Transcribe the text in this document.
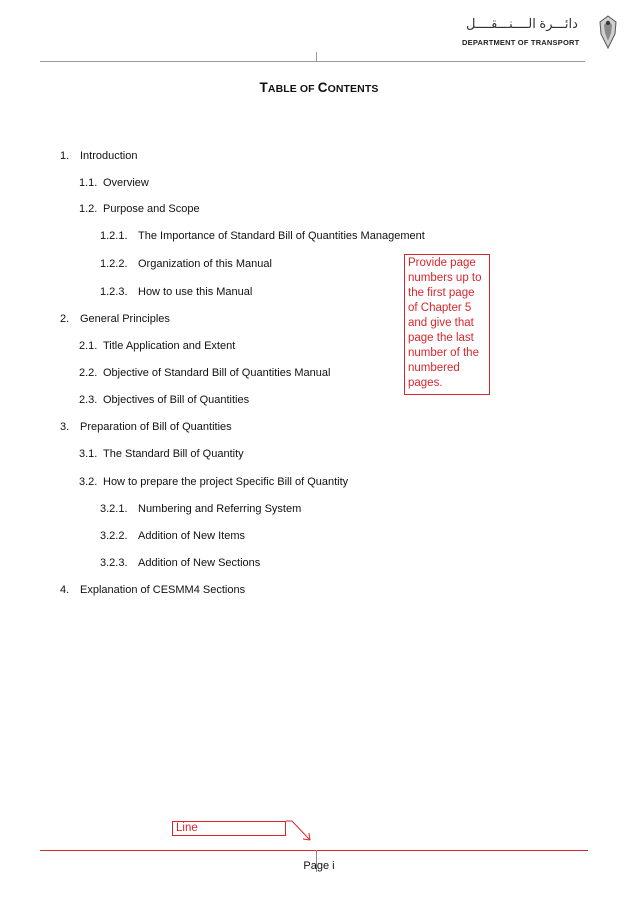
دائـــرة الــــنـــقــــل
DEPARTMENT OF TRANSPORT
TABLE OF CONTENTS
1. Introduction
1.1. Overview
1.2. Purpose and Scope
1.2.1. The Importance of Standard Bill of Quantities Management
1.2.2. Organization of this Manual
1.2.3. How to use this Manual
2. General Principles
2.1. Title Application and Extent
2.2. Objective of Standard Bill of Quantities Manual
2.3. Objectives of Bill of Quantities
3. Preparation of Bill of Quantities
3.1. The Standard Bill of Quantity
3.2. How to prepare the project Specific Bill of Quantity
3.2.1. Numbering and Referring System
3.2.2. Addition of New Items
3.2.3. Addition of New Sections
4. Explanation of CESMM4 Sections
Provide page numbers up to the first page of Chapter 5 and give that page the last number of the numbered pages.
Line
Page i
